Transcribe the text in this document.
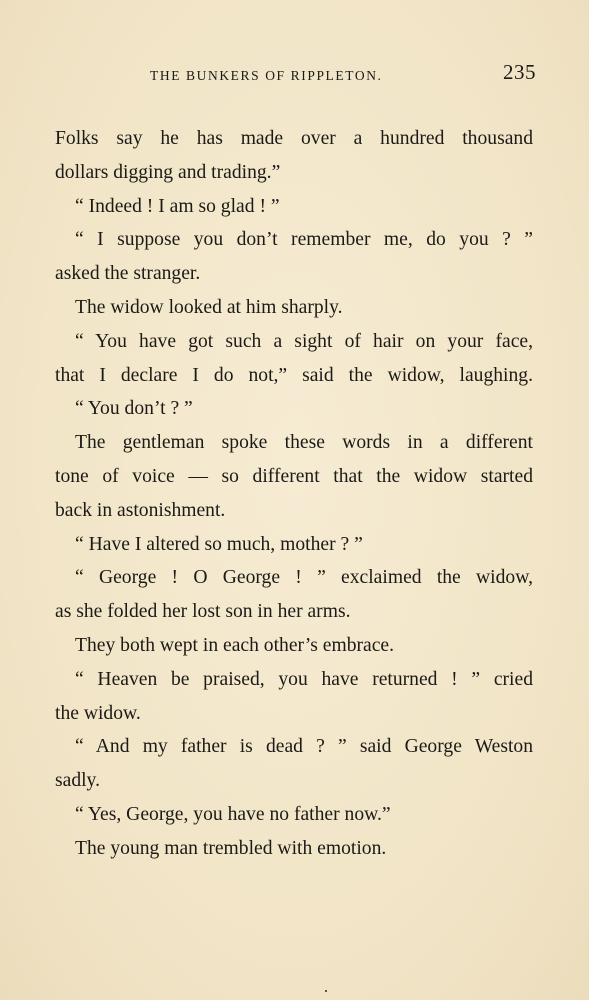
THE BUNKERS OF RIPPLETON.	235
Folks say he has made over a hundred thousand
dollars digging and trading.”
“ Indeed ! I am so glad ! ”
“ I suppose you don’t remember me, do you ? ”
asked the stranger.
The widow looked at him sharply.
“ You have got such a sight of hair on your face,
that I declare I do not,” said the widow, laughing.
“ You don’t ? ”
The gentleman spoke these words in a different
tone of voice — so different that the widow started
back in astonishment.
“ Have I altered so much, mother ? ”
“ George ! O George ! ” exclaimed the widow,
as she folded her lost son in her arms.
They both wept in each other’s embrace.
“ Heaven be praised, you have returned ! ” cried
the widow.
“ And my father is dead ? ” said George Weston
sadly.
“ Yes, George, you have no father now.”
The young man trembled with emotion.
